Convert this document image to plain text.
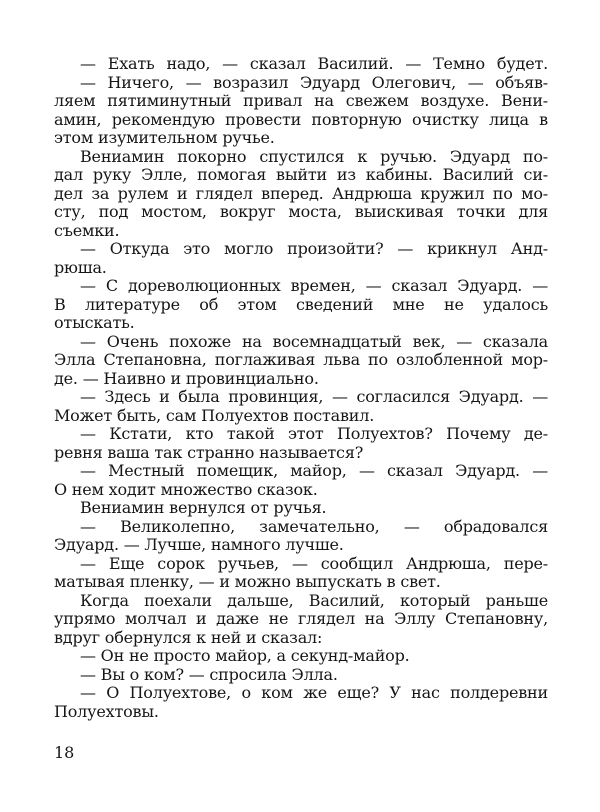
— Ехать надо, — сказал Василий. — Темно будет.
— Ничего, — возразил Эдуард Олегович, — объяв-
ляем пятиминутный привал на свежем воздухе. Вени-
амин, рекомендую провести повторную очистку лица в
этом изумительном ручье.
Вениамин покорно спустился к ручью. Эдуард по-
дал руку Элле, помогая выйти из кабины. Василий си-
дел за рулем и глядел вперед. Андрюша кружил по мо-
сту, под мостом, вокруг моста, выискивая точки для
съемки.
— Откуда это могло произойти? — крикнул Анд-
рюша.
— С дореволюционных времен, — сказал Эдуард. —
В литературе об этом сведений мне не удалось
отыскать.
— Очень похоже на восемнадцатый век, — сказала
Элла Степановна, поглаживая льва по озлобленной мор-
де. — Наивно и провинциально.
— Здесь и была провинция, — согласился Эдуард. —
Может быть, сам Полуехтов поставил.
— Кстати, кто такой этот Полуехтов? Почему де-
ревня ваша так странно называется?
— Местный помещик, майор, — сказал Эдуард. —
О нем ходит множество сказок.
Вениамин вернулся от ручья.
— Великолепно, замечательно, — обрадовался
Эдуард. — Лучше, намного лучше.
— Еще сорок ручьев, — сообщил Андрюша, пере-
матывая пленку, — и можно выпускать в свет.
Когда поехали дальше, Василий, который раньше
упрямо молчал и даже не глядел на Эллу Степановну,
вдруг обернулся к ней и сказал:
— Он не просто майор, а секунд-майор.
— Вы о ком? — спросила Элла.
— О Полуехтове, о ком же еще? У нас полдеревни
Полуехтовы.
18
